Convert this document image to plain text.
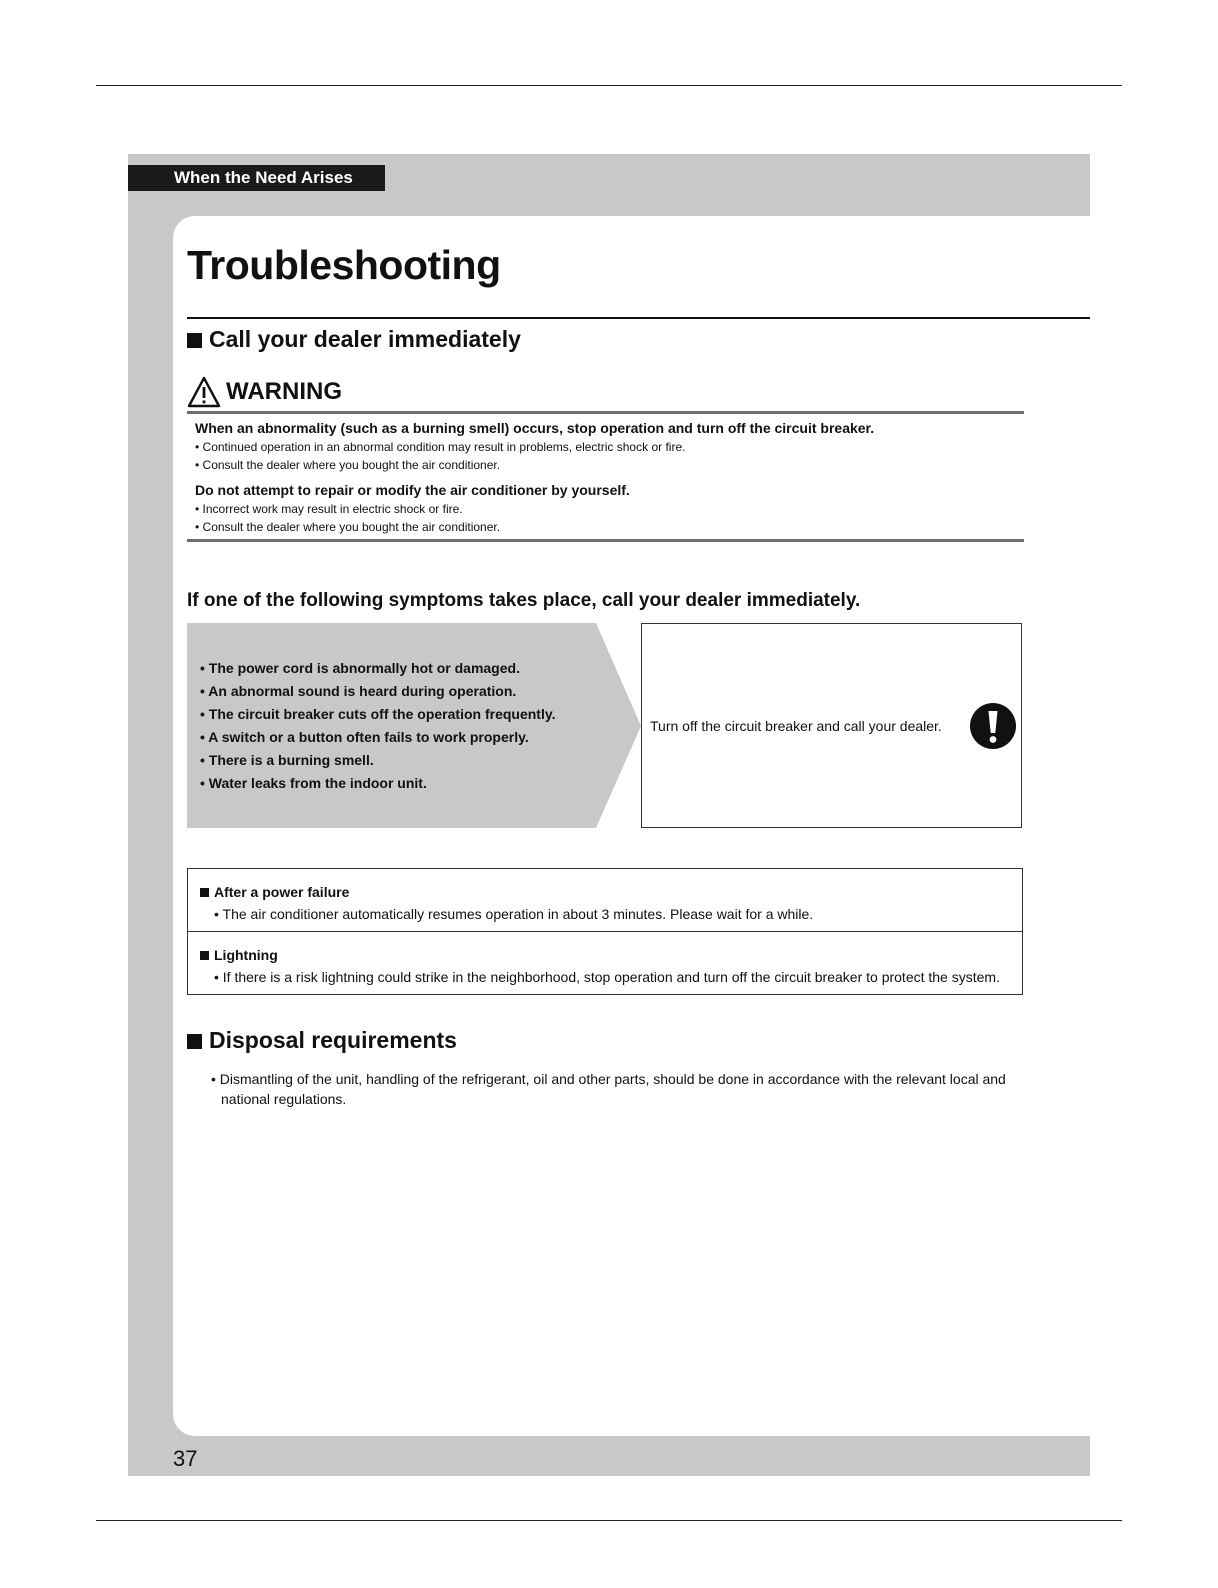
When the Need Arises
37
Troubleshooting
Call your dealer immediately
WARNING

When an abnormality (such as a burning smell) occurs, stop operation and turn off the circuit breaker.

• Continued operation in an abnormal condition may result in problems, electric shock or fire.

• Consult the dealer where you bought the air conditioner.

Do not attempt to repair or modify the air conditioner by yourself.

• Incorrect work may result in electric shock or fire.

• Consult the dealer where you bought the air conditioner.

If one of the following symptoms takes place, call your dealer immediately.
• The power cord is abnormally hot or damaged.
• An abnormal sound is heard during operation.
• The circuit breaker cuts off the operation frequently.
• A switch or a button often fails to work properly.
• There is a burning smell.
• Water leaks from the indoor unit.
Turn off the circuit breaker and call your dealer.
After a power failure
• The air conditioner automatically resumes operation in about 3 minutes. Please wait for a while.
Lightning
• If there is a risk lightning could strike in the neighborhood, stop operation and turn off the circuit breaker to protect the system.
Disposal requirements
• Dismantling of the unit, handling of the refrigerant, oil and other parts, should be done in accordance with the relevant local and national regulations.
